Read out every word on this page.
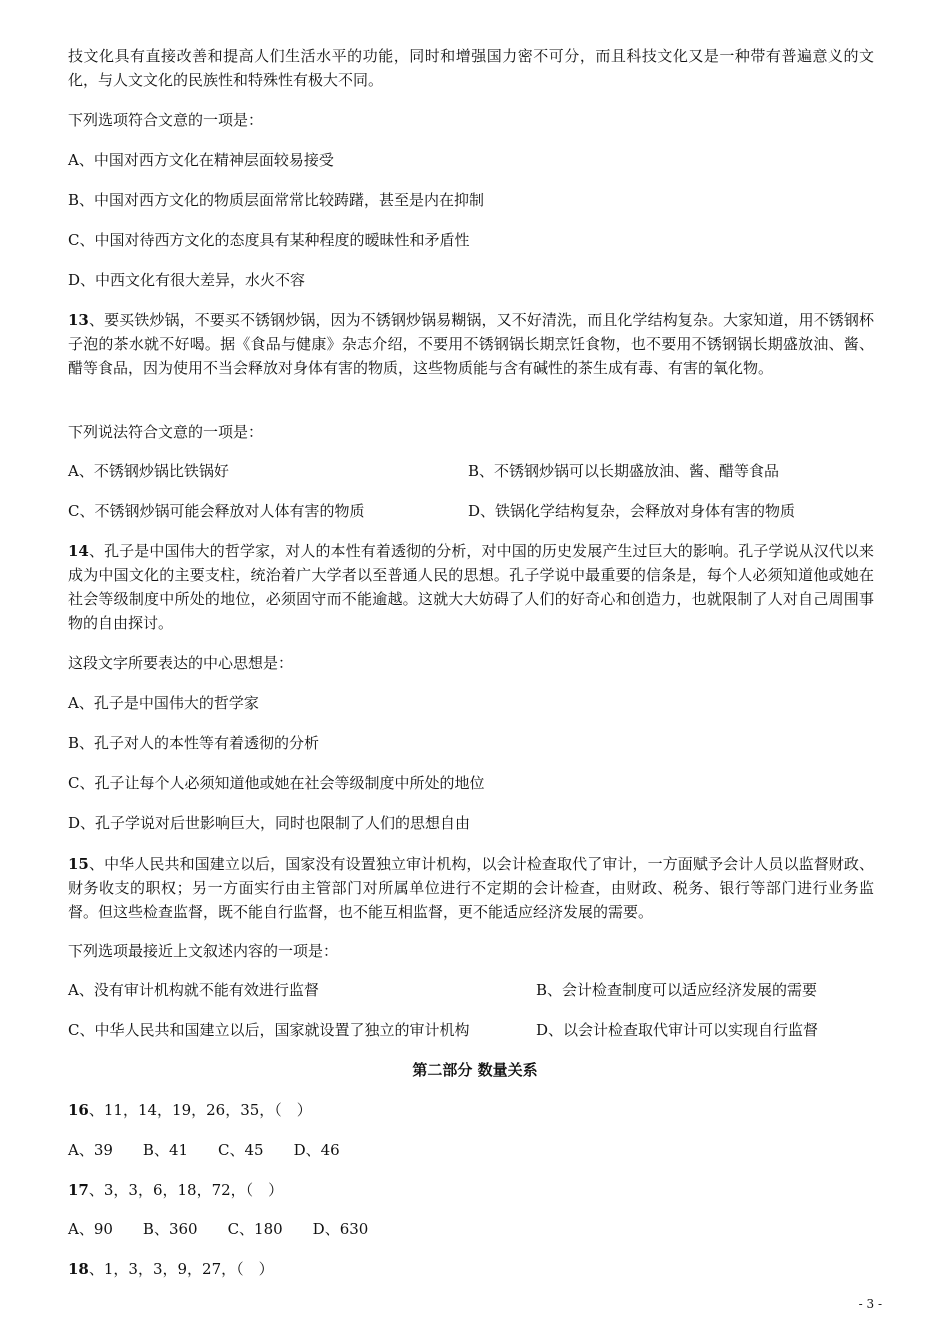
技文化具有直接改善和提高人们生活水平的功能，同时和增强国力密不可分，而且科技文化又是一种带有普遍意义的文化，与人文文化的民族性和特殊性有极大不同。

下列选项符合文意的一项是：

A、中国对西方文化在精神层面较易接受

B、中国对西方文化的物质层面常常比较踌躇，甚至是内在抑制

C、中国对待西方文化的态度具有某种程度的暧昧性和矛盾性

D、中西文化有很大差异，水火不容

13、要买铁炒锅，不要买不锈钢炒锅，因为不锈钢炒锅易糊锅，又不好清洗，而且化学结构复杂。大家知道，用不锈钢杯子泡的茶水就不好喝。据《食品与健康》杂志介绍，不要用不锈钢锅长期烹饪食物，也不要用不锈钢锅长期盛放油、酱、醋等食品，因为使用不当会释放对身体有害的物质，这些物质能与含有碱性的茶生成有毒、有害的氧化物。

下列说法符合文意的一项是：

A、不锈钢炒锅比铁锅好	B、不锈钢炒锅可以长期盛放油、酱、醋等食品

C、不锈钢炒锅可能会释放对人体有害的物质	D、铁锅化学结构复杂，会释放对身体有害的物质

14、孔子是中国伟大的哲学家，对人的本性有着透彻的分析，对中国的历史发展产生过巨大的影响。孔子学说从汉代以来成为中国文化的主要支柱，统治着广大学者以至普通人民的思想。孔子学说中最重要的信条是，每个人必须知道他或她在社会等级制度中所处的地位，必须固守而不能逾越。这就大大妨碍了人们的好奇心和创造力，也就限制了人对自己周围事物的自由探讨。

这段文字所要表达的中心思想是：

A、孔子是中国伟大的哲学家

B、孔子对人的本性等有着透彻的分析

C、孔子让每个人必须知道他或她在社会等级制度中所处的地位

D、孔子学说对后世影响巨大，同时也限制了人们的思想自由

15、中华人民共和国建立以后，国家没有设置独立审计机构，以会计检查取代了审计，一方面赋予会计人员以监督财政、财务收支的职权；另一方面实行由主管部门对所属单位进行不定期的会计检查，由财政、税务、银行等部门进行业务监督。但这些检查监督，既不能自行监督，也不能互相监督，更不能适应经济发展的需要。

下列选项最接近上文叙述内容的一项是：

A、没有审计机构就不能有效进行监督	B、会计检查制度可以适应经济发展的需要

C、中华人民共和国建立以后，国家就设置了独立的审计机构	D、以会计检查取代审计可以实现自行监督

第二部分 数量关系

16、11，14，19，26，35，（　）

A、39　　B、41　　C、45　　D、46

17、3，3，6，18，72，（　）

A、90　　B、360　　C、180　　D、630

18、1，3，3，9，27，（　）

- 3 -
